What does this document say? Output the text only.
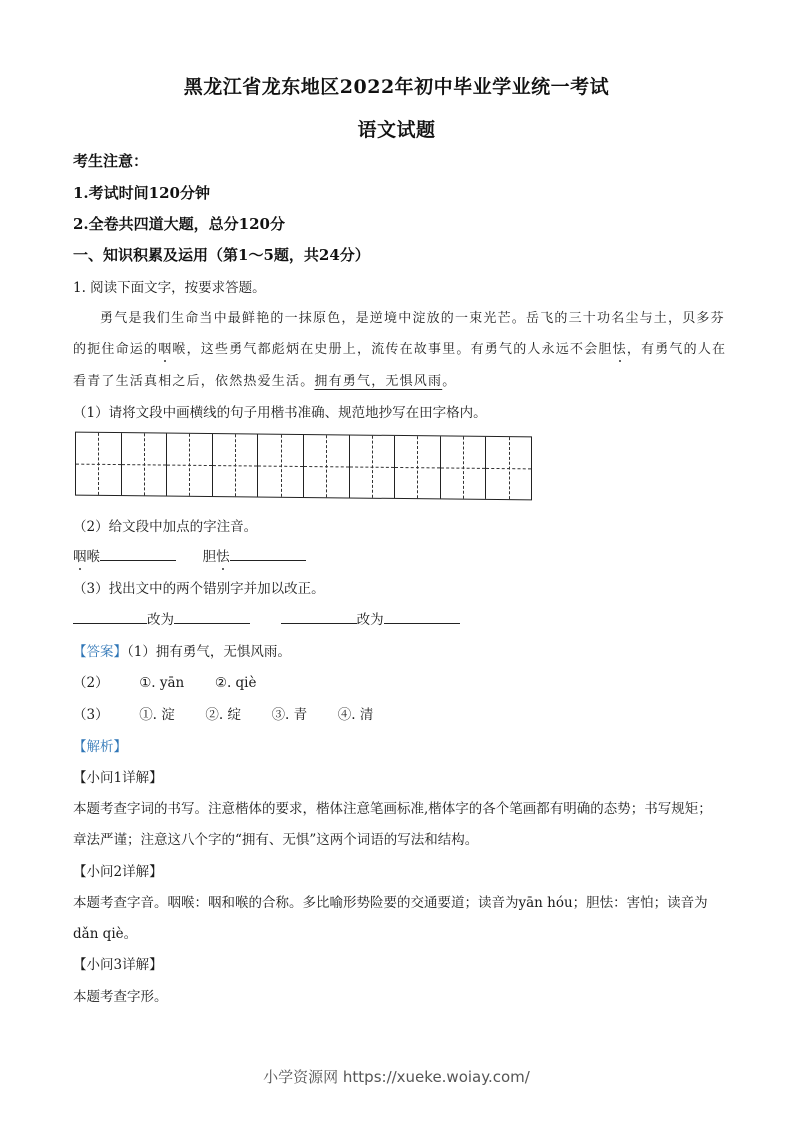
黑龙江省龙东地区2022年初中毕业学业统一考试
语文试题
考生注意：
1.考试时间120分钟
2.全卷共四道大题，总分120分
一、知识积累及运用（第1～5题，共24分）
1. 阅读下面文字，按要求答题。
勇气是我们生命当中最鲜艳的一抹原色，是逆境中淀放的一束光芒。岳飞的三十功名尘与土，贝多芬
的扼住命运的咽喉，这些勇气都彪炳在史册上，流传在故事里。有勇气的人永远不会胆怯，有勇气的人在
看青了生活真相之后，依然热爱生活。拥有勇气，无惧风雨。
（1）请将文段中画横线的句子用楷书准确、规范地抄写在田字格内。
（2）给文段中加点的字注音。
咽喉	胆怯
（3）找出文中的两个错别字并加以改正。
改为	改为
【答案】（1）拥有勇气，无惧风雨。
（2） ①. yān ②. qiè
（3） ①. 淀 ②. 绽 ③. 青 ④. 清
【解析】
【小问1详解】
本题考查字词的书写。注意楷体的要求，楷体注意笔画标准,楷体字的各个笔画都有明确的态势；书写规矩；
章法严谨；注意这八个字的“拥有、无惧”这两个词语的写法和结构。
【小问2详解】
本题考查字音。咽喉：咽和喉的合称。多比喻形势险要的交通要道；读音为yān hóu；胆怯：害怕；读音为
dǎn qiè。
【小问3详解】
本题考查字形。
小学资源网 https://xueke.woiay.com/
